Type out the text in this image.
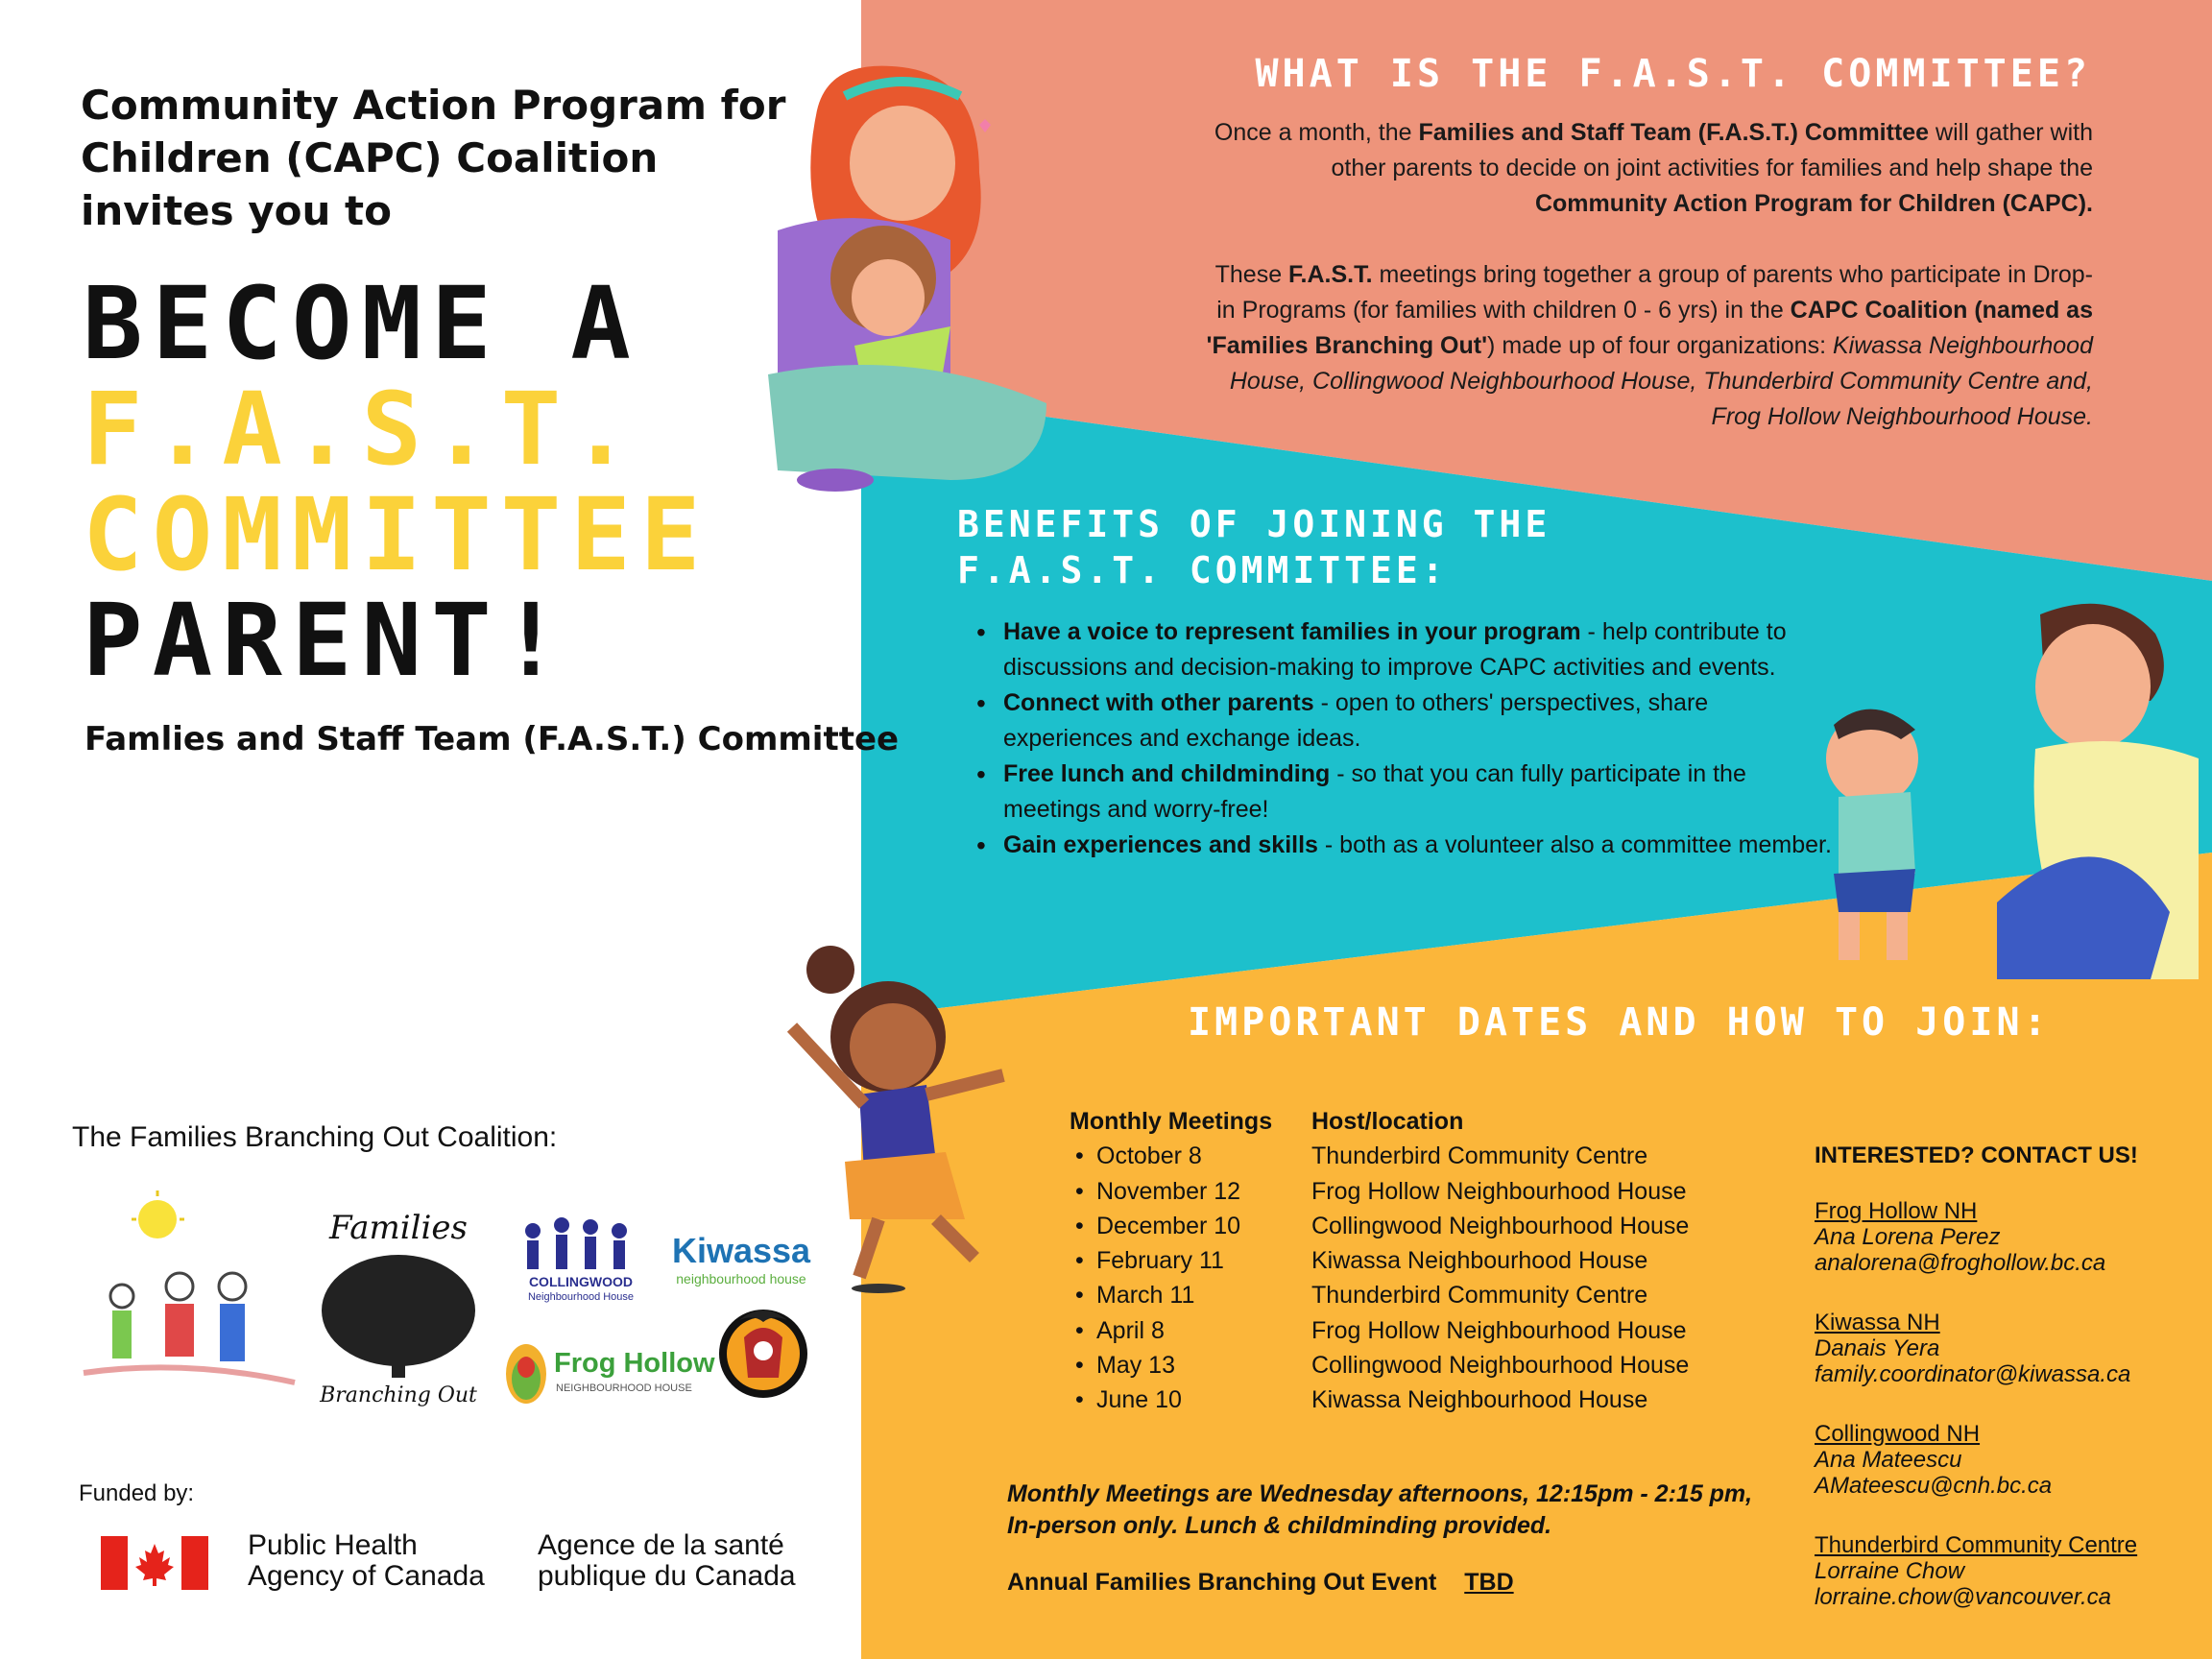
Community Action Program for
Children (CAPC) Coalition
invites you to
BECOME A
F.A.S.T.
COMMITTEE
PARENT!
Famlies and Staff Team (F.A.S.T.) Committee
WHAT IS THE F.A.S.T. COMMITTEE?
Once a month, the Families and Staff Team (F.A.S.T.) Committee will gather with
other parents to decide on joint activities for families and help shape the
Community Action Program for Children (CAPC).
These F.A.S.T. meetings bring together a group of parents who participate in Drop-
in Programs (for families with children 0 - 6 yrs) in the CAPC Coalition (named as
'Families Branching Out') made up of four organizations: Kiwassa Neighbourhood
House, Collingwood Neighbourhood House, Thunderbird Community Centre and,
Frog Hollow Neighbourhood House.
BENEFITS OF JOINING THE
F.A.S.T. COMMITTEE:
• Have a voice to represent families in your program - help contribute to discussions and decision-making to improve CAPC activities and events.
• Connect with other parents - open to others' perspectives, share experiences and exchange ideas.
• Free lunch and childminding - so that you can fully participate in the meetings and worry-free!
• Gain experiences and skills - both as a volunteer also a committee member.
IMPORTANT DATES AND HOW TO JOIN:
Monthly Meetings	Host/location
• October 8	Thunderbird Community Centre
• November 12	Frog Hollow Neighbourhood House
• December 10	Collingwood Neighbourhood House
• February 11	Kiwassa Neighbourhood House
• March 11	Thunderbird Community Centre
• April 8	Frog Hollow Neighbourhood House
• May 13	Collingwood Neighbourhood House
• June 10	Kiwassa Neighbourhood House
Monthly Meetings are Wednesday afternoons, 12:15pm - 2:15 pm,
In-person only. Lunch & childminding provided.
Annual Families Branching Out Event TBD
INTERESTED? CONTACT US!
Frog Hollow NH
Ana Lorena Perez
analorena@froghollow.bc.ca
Kiwassa NH
Danais Yera
family.coordinator@kiwassa.ca
Collingwood NH
Ana Mateescu
AMateescu@cnh.bc.ca
Thunderbird Community Centre
Lorraine Chow
lorraine.chow@vancouver.ca
The Families Branching Out Coalition:
Families
Branching Out
COLLINGWOOD
Neighbourhood House
Kiwassa
neighbourhood house
Frog Hollow
NEIGHBOURHOOD HOUSE
Funded by:
Public Health
Agency of Canada
Agence de la santé
publique du Canada
